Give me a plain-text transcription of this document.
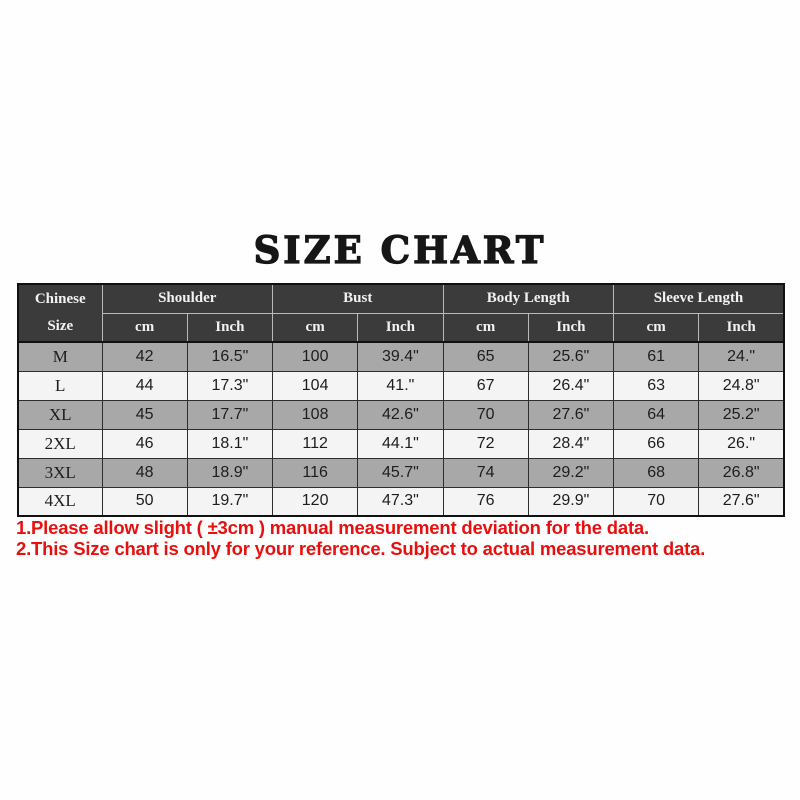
SIZE CHART
Chinese Size	Shoulder		Bust		Body Length		Sleeve Length	
	cm	Inch	cm	Inch	cm	Inch	cm	Inch
M	42	16.5"	100	39.4"	65	25.6"	61	24."
L	44	17.3"	104	41."	67	26.4"	63	24.8"
XL	45	17.7"	108	42.6"	70	27.6"	64	25.2"
2XL	46	18.1"	112	44.1"	72	28.4"	66	26."
3XL	48	18.9"	116	45.7"	74	29.2"	68	26.8"
4XL	50	19.7"	120	47.3"	76	29.9"	70	27.6"
1.Please allow slight ( ±3cm ) manual measurement deviation for the data.
2.This Size chart is only for your reference. Subject to actual measurement data.
